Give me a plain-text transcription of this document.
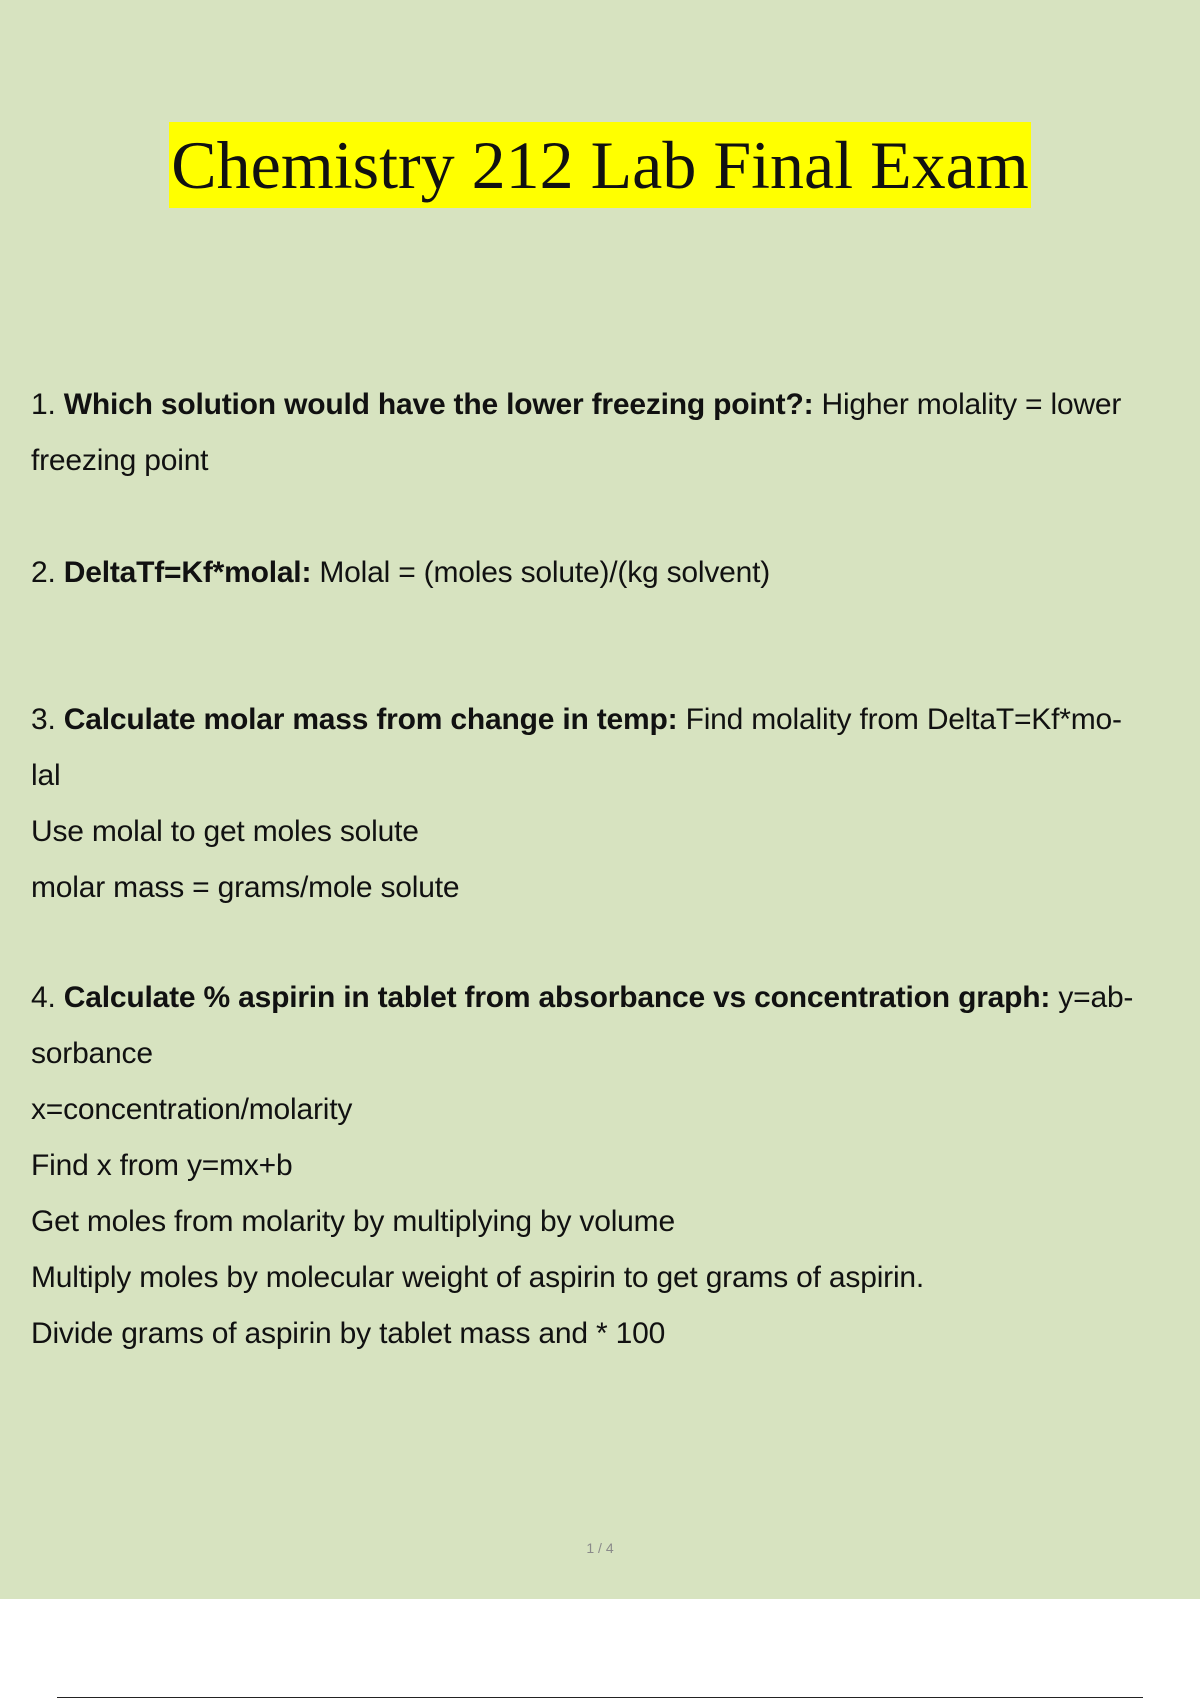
Chemistry 212 Lab Final Exam
1. Which solution would have the lower freezing point?: Higher molality = lower
freezing point
2. DeltaTf=Kf*molal: Molal = (moles solute)/(kg solvent)
3. Calculate molar mass from change in temp: Find molality from DeltaT=Kf*mo-
lal
Use molal to get moles solute
molar mass = grams/mole solute
4. Calculate % aspirin in tablet from absorbance vs concentration graph: y=ab-
sorbance
x=concentration/molarity
Find x from y=mx+b
Get moles from molarity by multiplying by volume
Multiply moles by molecular weight of aspirin to get grams of aspirin.
Divide grams of aspirin by tablet mass and * 100
1 / 4
